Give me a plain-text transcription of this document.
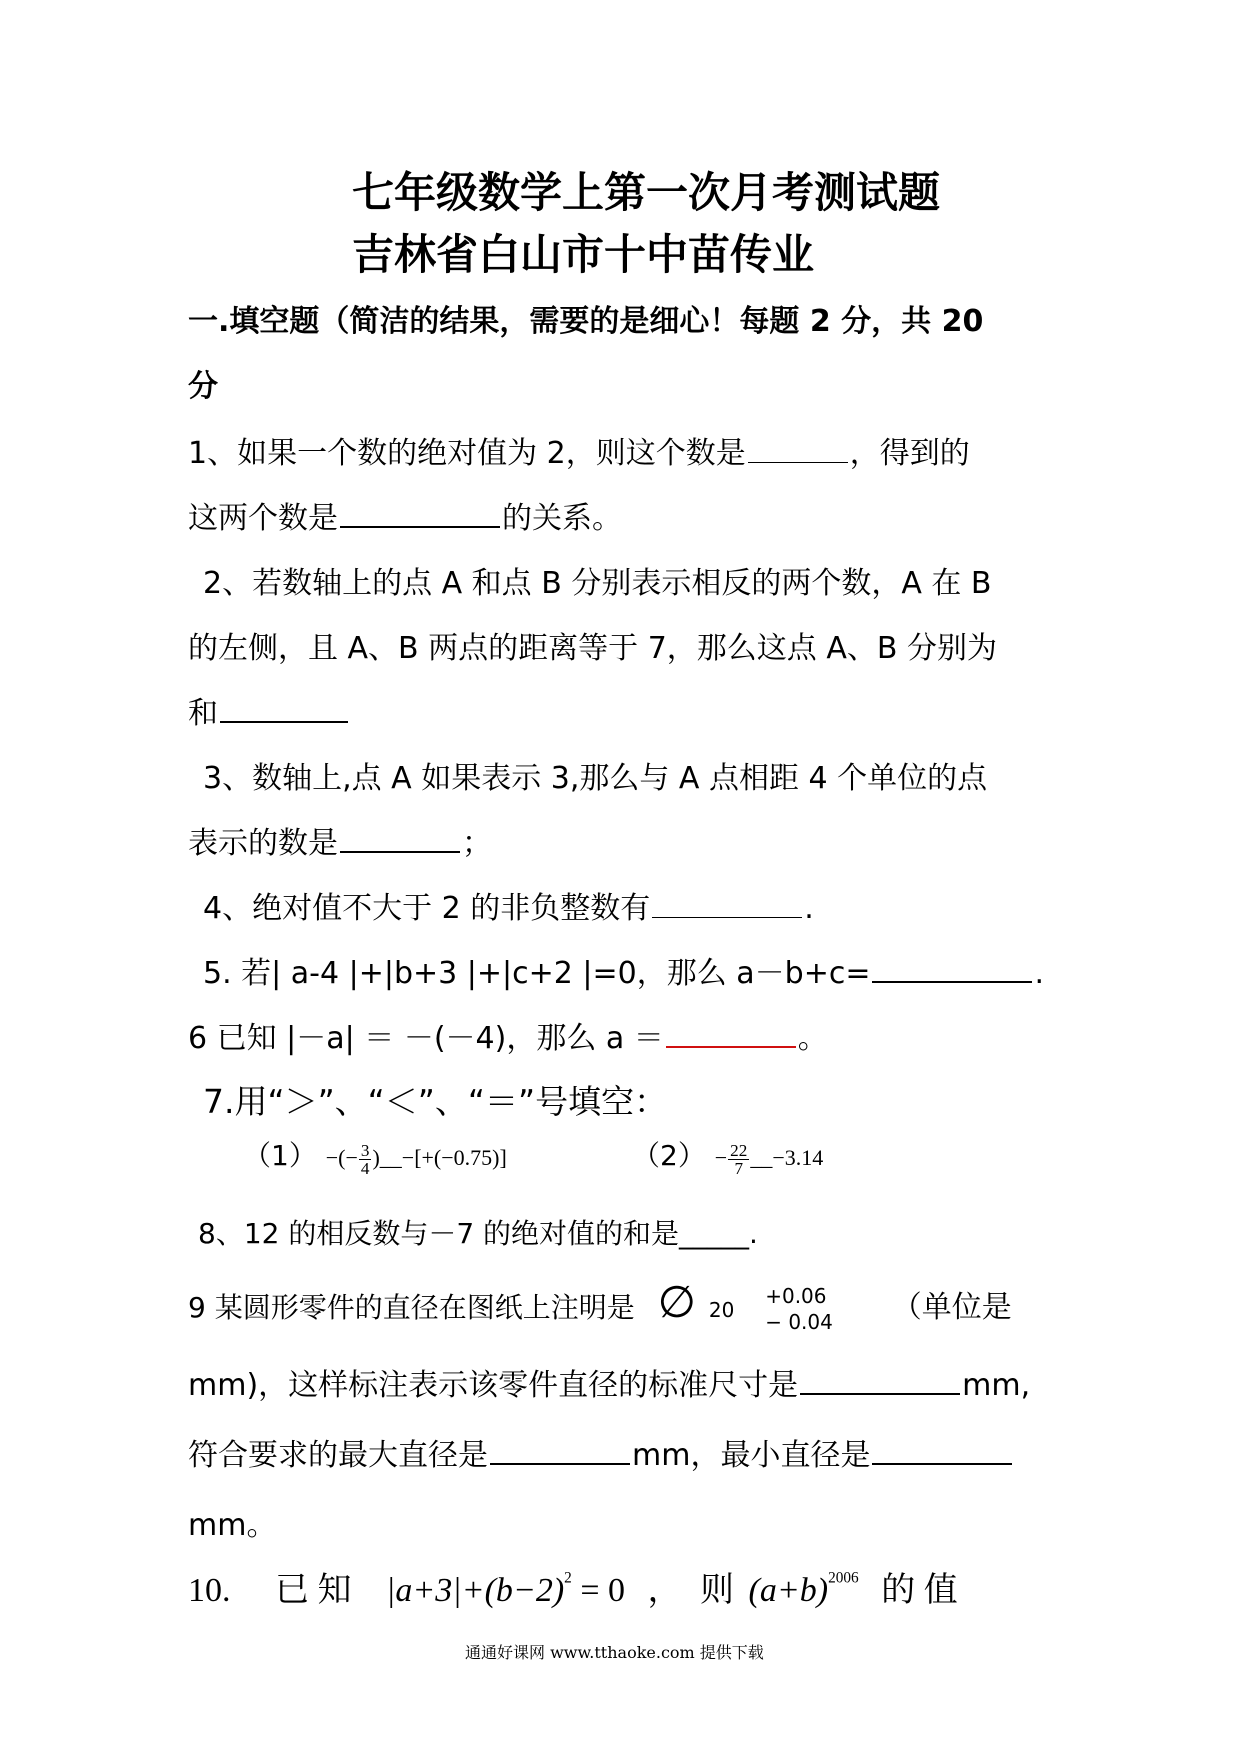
七年级数学上第一次月考测试题
吉林省白山市十中苗传业
一.填空题（简洁的结果，需要的是细心！每题 2 分，共 20
分
1、如果一个数的绝对值为 2，则这个数是	，得到的
这两个数是	的关系。
2、若数轴上的点 A 和点 B 分别表示相反的两个数，A 在 B
的左侧，且 A、B 两点的距离等于 7，那么这点 A、B 分别为
和
3、数轴上,点 A 如果表示 3,那么与 A 点相距 4 个单位的点
表示的数是	；
4、绝对值不大于 2 的非负整数有	.
5. 若| a-4 |+|b+3 |+|c+2 |=0，那么 a－b+c=	.
6 已知 |－a| ＝ －(－4)，那么 a ＝	。
7.用“＞”、“＜”、“＝”号填空：
（1） −(− $\frac{3}{4}$ )__−[+(−0.75)]	$(2) - \frac{22}{7}$ __−3.14
8、12 的相反数与－7 的绝对值的和是_____.
9 某圆形零件的直径在图纸上注明是 ∅ 20
+0.06
− 0.04 （单位是
mm)，这样标注表示该零件直径的标准尺寸是	mm,
符合要求的最大直径是	mm，最小直径是
mm。
10. 已 知 $|a+3|+(b-2)^2 = 0$ ， 则 $(a+b)^{2006}$ 的 值
通通好课网 www.tthaoke.com 提供下载
